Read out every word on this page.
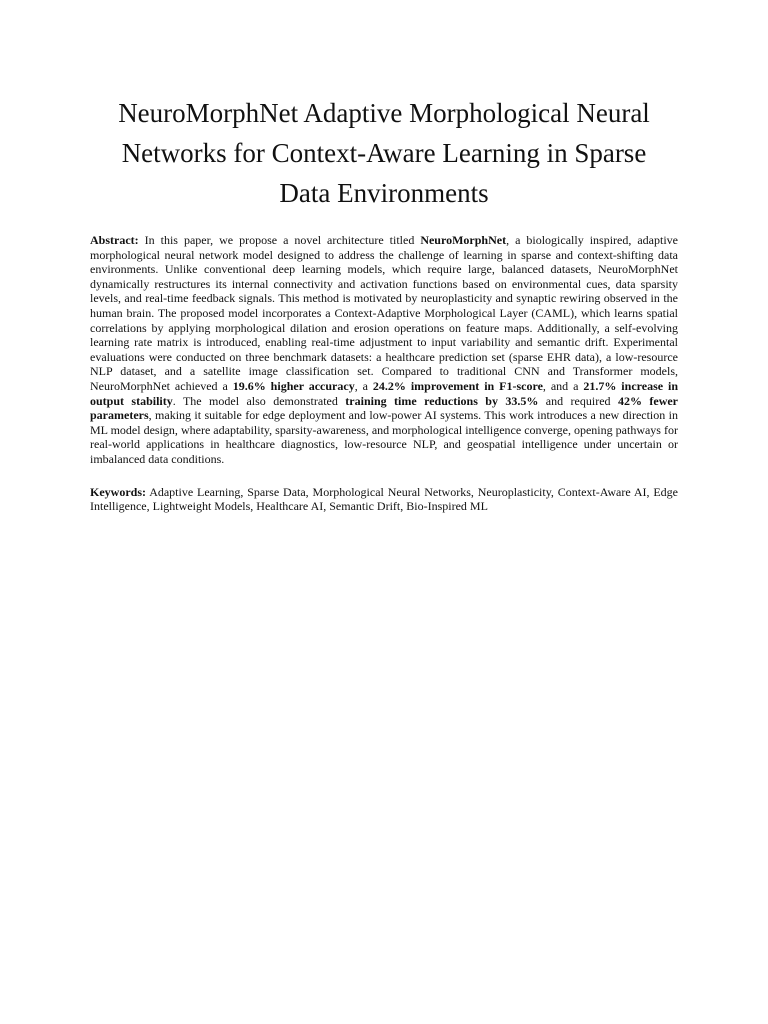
NeuroMorphNet Adaptive Morphological Neural Networks for Context-Aware Learning in Sparse Data Environments

Abstract: In this paper, we propose a novel architecture titled NeuroMorphNet, a biologically inspired, adaptive morphological neural network model designed to address the challenge of learning in sparse and context-shifting data environments. Unlike conventional deep learning models, which require large, balanced datasets, NeuroMorphNet dynamically restructures its internal connectivity and activation functions based on environmental cues, data sparsity levels, and real-time feedback signals. This method is motivated by neuroplasticity and synaptic rewiring observed in the human brain. The proposed model incorporates a Context-Adaptive Morphological Layer (CAML), which learns spatial correlations by applying morphological dilation and erosion operations on feature maps. Additionally, a self-evolving learning rate matrix is introduced, enabling real-time adjustment to input variability and semantic drift. Experimental evaluations were conducted on three benchmark datasets: a healthcare prediction set (sparse EHR data), a low-resource NLP dataset, and a satellite image classification set. Compared to traditional CNN and Transformer models, NeuroMorphNet achieved a 19.6% higher accuracy, a 24.2% improvement in F1-score, and a 21.7% increase in output stability. The model also demonstrated training time reductions by 33.5% and required 42% fewer parameters, making it suitable for edge deployment and low-power AI systems. This work introduces a new direction in ML model design, where adaptability, sparsity-awareness, and morphological intelligence converge, opening pathways for real-world applications in healthcare diagnostics, low-resource NLP, and geospatial intelligence under uncertain or imbalanced data conditions.

Keywords: Adaptive Learning, Sparse Data, Morphological Neural Networks, Neuroplasticity, Context-Aware AI, Edge Intelligence, Lightweight Models, Healthcare AI, Semantic Drift, Bio-Inspired ML
